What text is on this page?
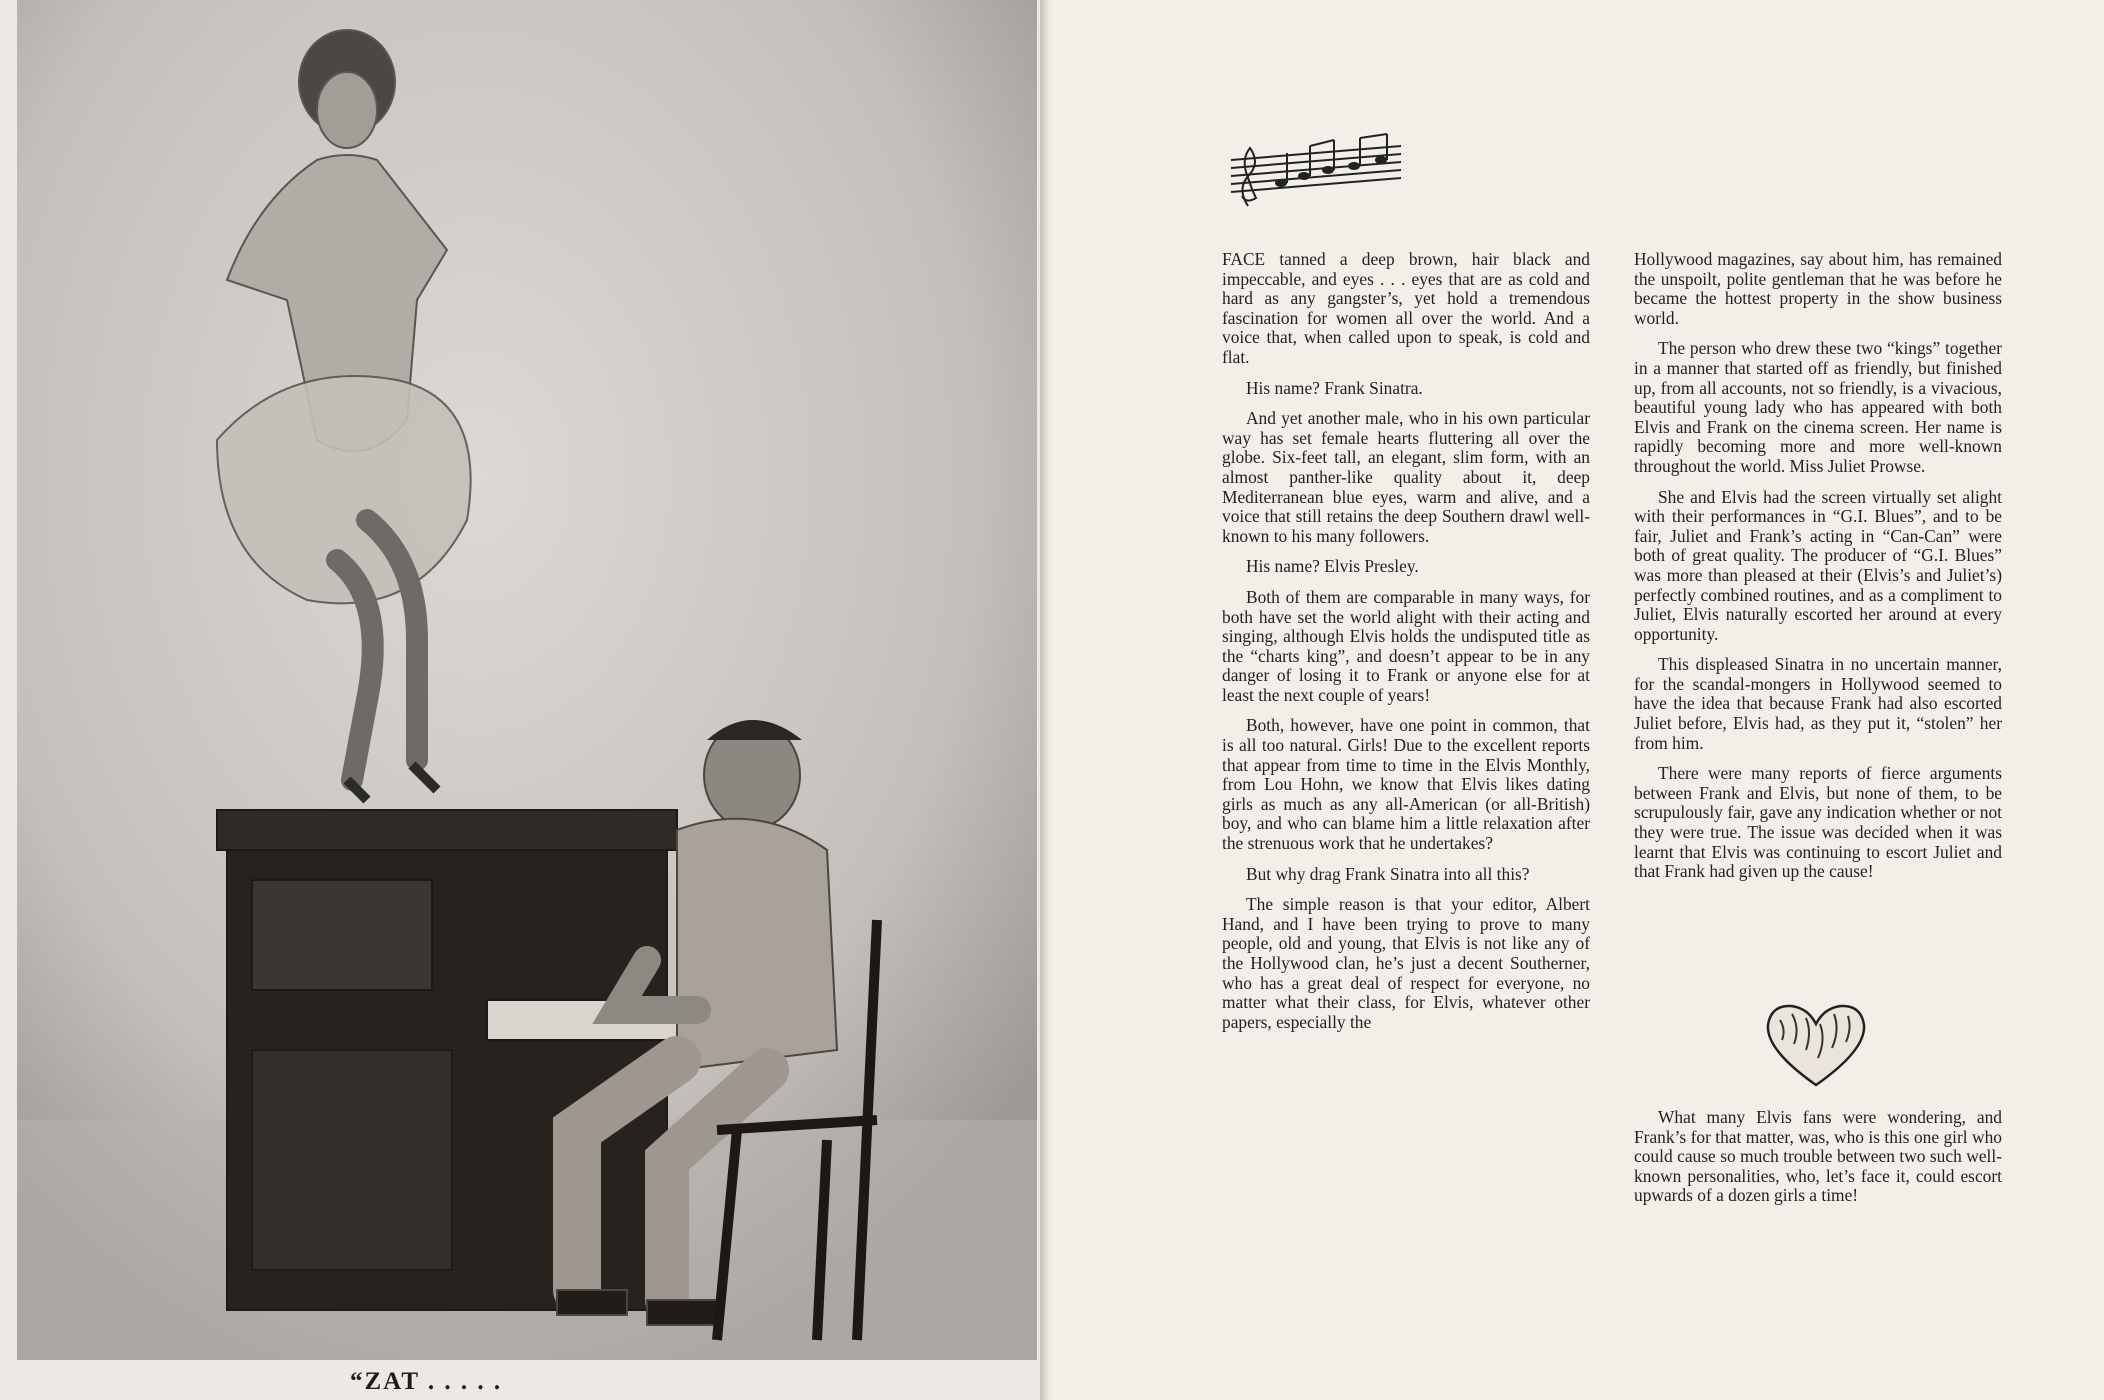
“ZAT . . . . .

FACE tanned a deep brown, hair black and impeccable, and eyes . . . eyes that are as cold and hard as any gangster’s, yet hold a tremendous fascination for women all over the world. And a voice that, when called upon to speak, is cold and flat.

His name? Frank Sinatra.

And yet another male, who in his own particular way has set female hearts fluttering all over the globe. Six-feet tall, an elegant, slim form, with an almost panther-like quality about it, deep Mediterranean blue eyes, warm and alive, and a voice that still retains the deep Southern drawl well-known to his many followers.

His name? Elvis Presley.

Both of them are comparable in many ways, for both have set the world alight with their acting and singing, although Elvis holds the undisputed title as the “charts king”, and doesn’t appear to be in any danger of losing it to Frank or anyone else for at least the next couple of years!

Both, however, have one point in common, that is all too natural. Girls! Due to the excellent reports that appear from time to time in the Elvis Monthly, from Lou Hohn, we know that Elvis likes dating girls as much as any all-American (or all-British) boy, and who can blame him a little relaxation after the strenuous work that he undertakes?

But why drag Frank Sinatra into all this?

The simple reason is that your editor, Albert Hand, and I have been trying to prove to many people, old and young, that Elvis is not like any of the Hollywood clan, he’s just a decent Southerner, who has a great deal of respect for everyone, no matter what their class, for Elvis, whatever other papers, especially the

Hollywood magazines, say about him, has remained the unspoilt, polite gentleman that he was before he became the hottest property in the show business world.

The person who drew these two “kings” together in a manner that started off as friendly, but finished up, from all accounts, not so friendly, is a vivacious, beautiful young lady who has appeared with both Elvis and Frank on the cinema screen. Her name is rapidly becoming more and more well-known throughout the world. Miss Juliet Prowse.

She and Elvis had the screen virtually set alight with their performances in “G.I. Blues”, and to be fair, Juliet and Frank’s acting in “Can-Can” were both of great quality. The producer of “G.I. Blues” was more than pleased at their (Elvis’s and Juliet’s) perfectly combined routines, and as a compliment to Juliet, Elvis naturally escorted her around at every opportunity.

This displeased Sinatra in no uncertain manner, for the scandal-mongers in Hollywood seemed to have the idea that because Frank had also escorted Juliet before, Elvis had, as they put it, “stolen” her from him.

There were many reports of fierce arguments between Frank and Elvis, but none of them, to be scrupulously fair, gave any indication whether or not they were true. The issue was decided when it was learnt that Elvis was continuing to escort Juliet and that Frank had given up the cause!

What many Elvis fans were wondering, and Frank’s for that matter, was, who is this one girl who could cause so much trouble between two such well-known personalities, who, let’s face it, could escort upwards of a dozen girls a time!
